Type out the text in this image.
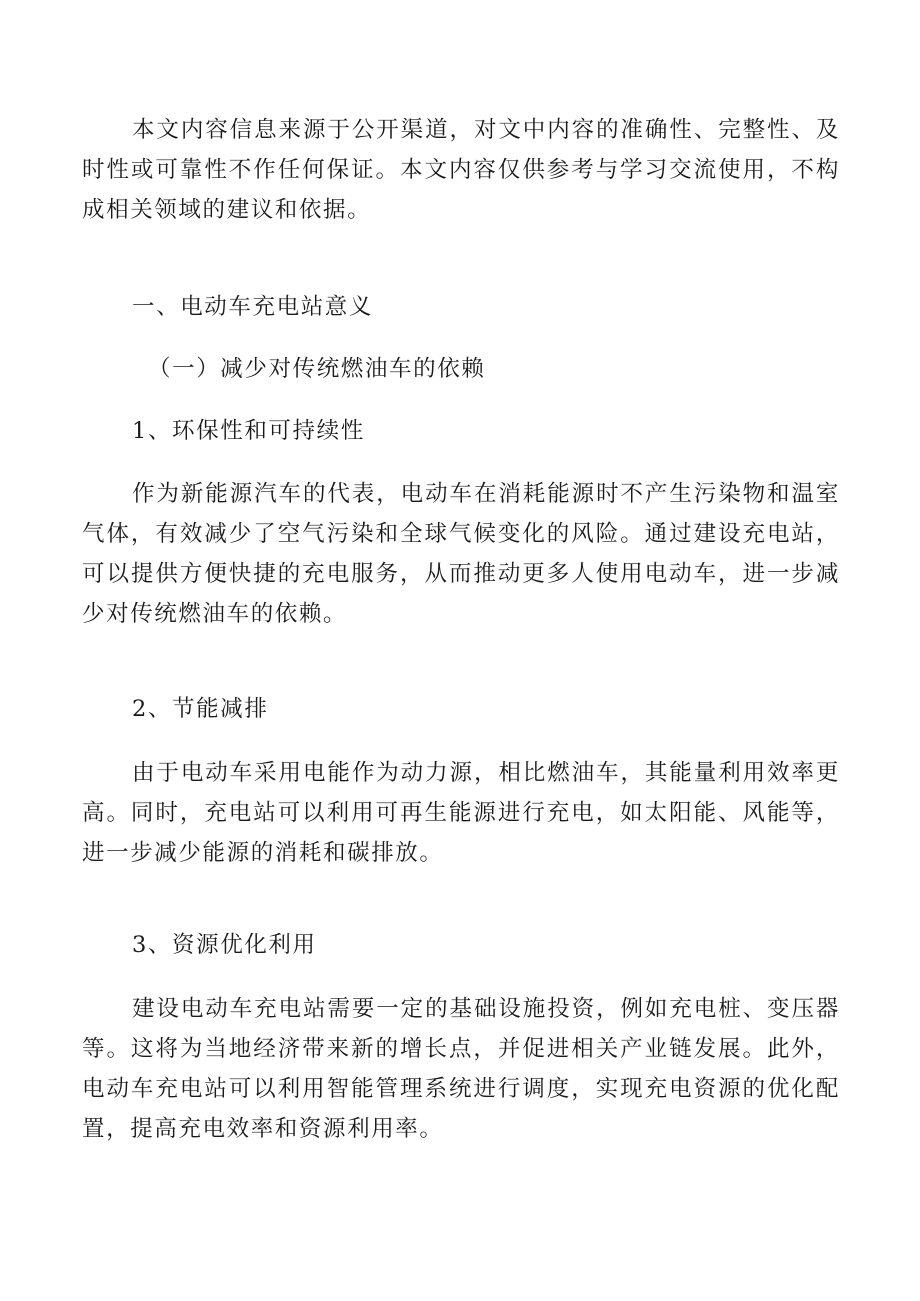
本文内容信息来源于公开渠道，对文中内容的准确性、完整性、及时性或可靠性不作任何保证。本文内容仅供参考与学习交流使用，不构成相关领域的建议和依据。

一、电动车充电站意义

（一）减少对传统燃油车的依赖

1、环保性和可持续性

作为新能源汽车的代表，电动车在消耗能源时不产生污染物和温室气体，有效减少了空气污染和全球气候变化的风险。通过建设充电站，可以提供方便快捷的充电服务，从而推动更多人使用电动车，进一步减少对传统燃油车的依赖。

2、节能减排

由于电动车采用电能作为动力源，相比燃油车，其能量利用效率更高。同时，充电站可以利用可再生能源进行充电，如太阳能、风能等，进一步减少能源的消耗和碳排放。

3、资源优化利用

建设电动车充电站需要一定的基础设施投资，例如充电桩、变压器等。这将为当地经济带来新的增长点，并促进相关产业链发展。此外，电动车充电站可以利用智能管理系统进行调度，实现充电资源的优化配置，提高充电效率和资源利用率。
